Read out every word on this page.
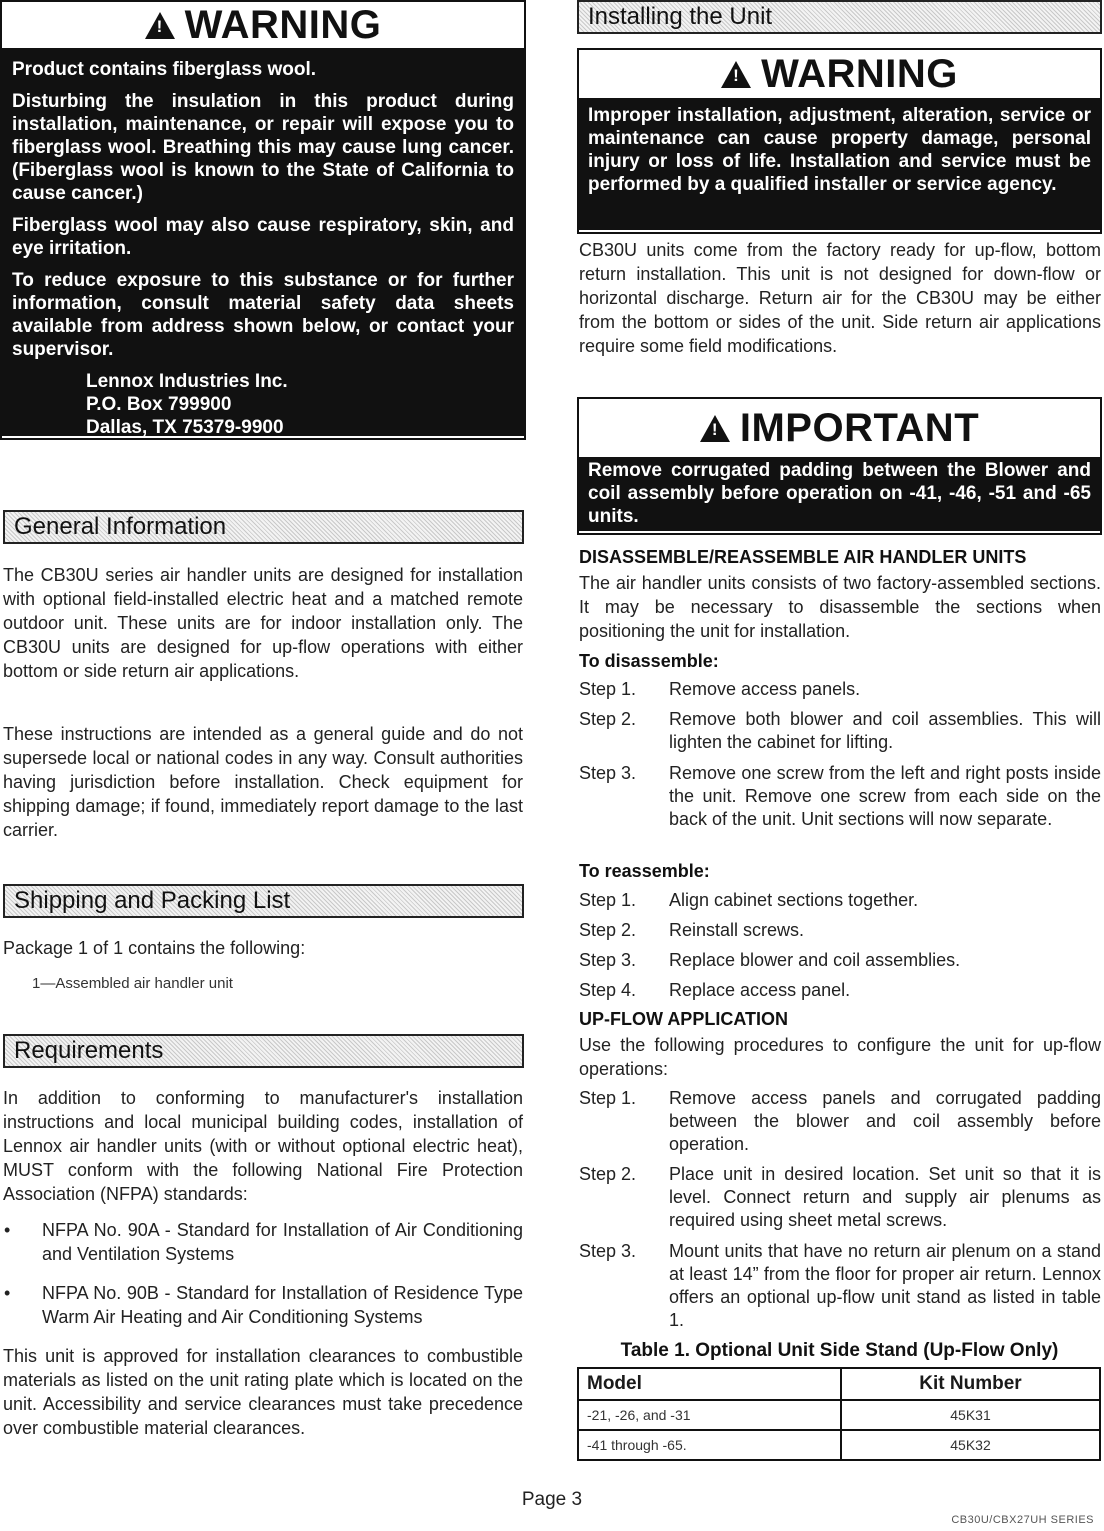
! WARNING

Product contains fiberglass wool.

Disturbing the insulation in this product during installation, maintenance, or repair will expose you to fiberglass wool. Breathing this may cause lung cancer. (Fiberglass wool is known to the State of California to cause cancer.)

Fiberglass wool may also cause respiratory, skin, and eye irritation.

To reduce exposure to this substance or for further information, consult material safety data sheets available from address shown below, or contact your supervisor.

Lennox Industries Inc.
P.O. Box 799900
Dallas, TX 75379-9900
General Information

The CB30U series air handler units are designed for installation with optional field-installed electric heat and a matched remote outdoor unit. These units are for indoor installation only. The CB30U units are designed for up-flow operations with either bottom or side return air applications.

These instructions are intended as a general guide and do not supersede local or national codes in any way. Consult authorities having jurisdiction before installation. Check equipment for shipping damage; if found, immediately report damage to the last carrier.

Shipping and Packing List

Package 1 of 1 contains the following:

1—Assembled air handler unit

Requirements

In addition to conforming to manufacturer's installation instructions and local municipal building codes, installation of Lennox air handler units (with or without optional electric heat), MUST conform with the following National Fire Protection Association (NFPA) standards:

•	NFPA No. 90A - Standard for Installation of Air Conditioning and Ventilation Systems
•	NFPA No. 90B - Standard for Installation of Residence Type Warm Air Heating and Air Conditioning Systems

This unit is approved for installation clearances to combustible materials as listed on the unit rating plate which is located on the unit. Accessibility and service clearances must take precedence over combustible material clearances.

Installing the Unit
! WARNING

Improper installation, adjustment, alteration, service or maintenance can cause property damage, personal injury or loss of life. Installation and service must be performed by a qualified installer or service agency.

CB30U units come from the factory ready for up-flow, bottom return installation. This unit is not designed for down-flow or horizontal discharge. Return air for the CB30U may be either from the bottom or sides of the unit. Side return air applications require some field modifications.

! IMPORTANT

Remove corrugated padding between the Blower and coil assembly before operation on -41, -46, -51 and -65 units.

DISASSEMBLE/REASSEMBLE AIR HANDLER UNITS

The air handler units consists of two factory-assembled sections. It may be necessary to disassemble the sections when positioning the unit for installation.

To disassemble:
Step 1.	Remove access panels.
Step 2.	Remove both blower and coil assemblies. This will lighten the cabinet for lifting.
Step 3.	Remove one screw from the left and right posts inside the unit. Remove one screw from each side on the back of the unit. Unit sections will now separate.
To reassemble:
Step 1.	Align cabinet sections together.
Step 2.	Reinstall screws.
Step 3.	Replace blower and coil assemblies.
Step 4.	Replace access panel.
UP-FLOW APPLICATION

Use the following procedures to configure the unit for up-flow operations:

Step 1.	Remove access panels and corrugated padding between the blower and coil assembly before operation.
Step 2.	Place unit in desired location. Set unit so that it is level. Connect return and supply air plenums as required using sheet metal screws.
Step 3.	Mount units that have no return air plenum on a stand at least 14” from the floor for proper air return. Lennox offers an optional up-flow unit stand as listed in table 1.
Table 1. Optional Unit Side Stand (Up-Flow Only)
Model	Kit Number
-21, -26, and -31	45K31
-41 through -65.	45K32
Page 3
CB30U/CBX27UH SERIES
